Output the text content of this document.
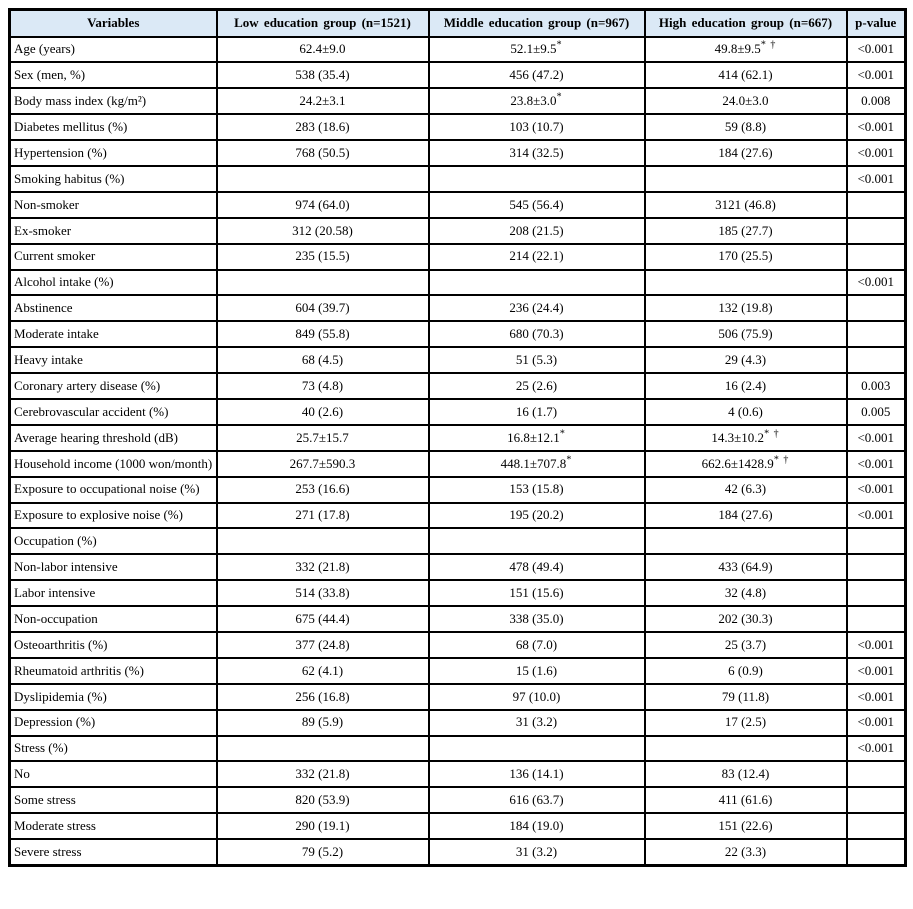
Variables	Low education group (n=1521)	Middle education group (n=967)	High education group (n=667)	p-value
Age (years)	62.4±9.0	52.1±9.5*	49.8±9.5* †	<0.001
Sex (men, %)	538 (35.4)	456 (47.2)	414 (62.1)	<0.001
Body mass index (kg/m²)	24.2±3.1	23.8±3.0*	24.0±3.0	0.008
Diabetes mellitus (%)	283 (18.6)	103 (10.7)	59 (8.8)	<0.001
Hypertension (%)	768 (50.5)	314 (32.5)	184 (27.6)	<0.001
Smoking habitus (%)				<0.001
Non-smoker	974 (64.0)	545 (56.4)	3121 (46.8)	
Ex-smoker	312 (20.58)	208 (21.5)	185 (27.7)	
Current smoker	235 (15.5)	214 (22.1)	170 (25.5)	
Alcohol intake (%)				<0.001
Abstinence	604 (39.7)	236 (24.4)	132 (19.8)	
Moderate intake	849 (55.8)	680 (70.3)	506 (75.9)	
Heavy intake	68 (4.5)	51 (5.3)	29 (4.3)	
Coronary artery disease (%)	73 (4.8)	25 (2.6)	16 (2.4)	0.003
Cerebrovascular accident (%)	40 (2.6)	16 (1.7)	4 (0.6)	0.005
Average hearing threshold (dB)	25.7±15.7	16.8±12.1*	14.3±10.2* †	<0.001
Household income (1000 won/month)	267.7±590.3	448.1±707.8*	662.6±1428.9* †	<0.001
Exposure to occupational noise (%)	253 (16.6)	153 (15.8)	42 (6.3)	<0.001
Exposure to explosive noise (%)	271 (17.8)	195 (20.2)	184 (27.6)	<0.001
Occupation (%)				
Non-labor intensive	332 (21.8)	478 (49.4)	433 (64.9)	
Labor intensive	514 (33.8)	151 (15.6)	32 (4.8)	
Non-occupation	675 (44.4)	338 (35.0)	202 (30.3)	
Osteoarthritis (%)	377 (24.8)	68 (7.0)	25 (3.7)	<0.001
Rheumatoid arthritis (%)	62 (4.1)	15 (1.6)	6 (0.9)	<0.001
Dyslipidemia (%)	256 (16.8)	97 (10.0)	79 (11.8)	<0.001
Depression (%)	89 (5.9)	31 (3.2)	17 (2.5)	<0.001
Stress (%)				<0.001
No	332 (21.8)	136 (14.1)	83 (12.4)	
Some stress	820 (53.9)	616 (63.7)	411 (61.6)	
Moderate stress	290 (19.1)	184 (19.0)	151 (22.6)	
Severe stress	79 (5.2)	31 (3.2)	22 (3.3)	
